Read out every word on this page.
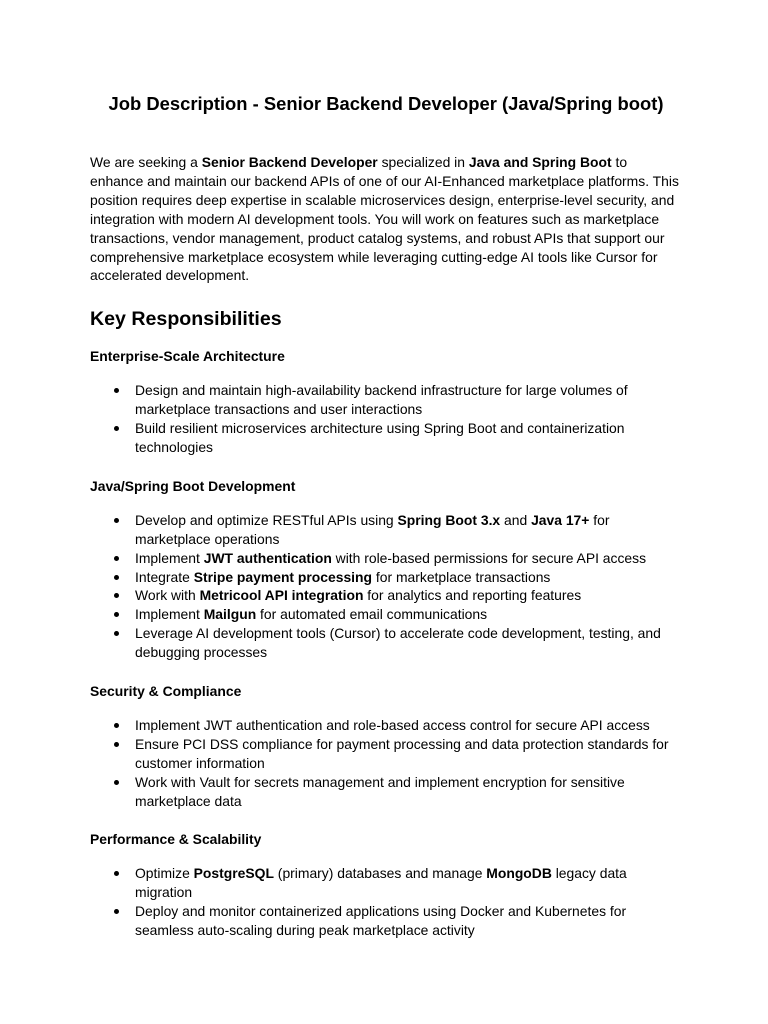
Job Description - Senior Backend Developer (Java/Spring boot)

We are seeking a Senior Backend Developer specialized in Java and Spring Boot to enhance and maintain our backend APIs of one of our AI-Enhanced marketplace platforms. This position requires deep expertise in scalable microservices design, enterprise-level security, and integration with modern AI development tools. You will work on features such as marketplace transactions, vendor management, product catalog systems, and robust APIs that support our comprehensive marketplace ecosystem while leveraging cutting-edge AI tools like Cursor for accelerated development.

Key Responsibilities
Enterprise-Scale Architecture
Design and maintain high-availability backend infrastructure for large volumes of marketplace transactions and user interactions
Build resilient microservices architecture using Spring Boot and containerization technologies
Java/Spring Boot Development
Develop and optimize RESTful APIs using Spring Boot 3.x and Java 17+ for marketplace operations
Implement JWT authentication with role-based permissions for secure API access
Integrate Stripe payment processing for marketplace transactions
Work with Metricool API integration for analytics and reporting features
Implement Mailgun for automated email communications
Leverage AI development tools (Cursor) to accelerate code development, testing, and debugging processes
Security & Compliance
Implement JWT authentication and role-based access control for secure API access
Ensure PCI DSS compliance for payment processing and data protection standards for customer information
Work with Vault for secrets management and implement encryption for sensitive marketplace data
Performance & Scalability
Optimize PostgreSQL (primary) databases and manage MongoDB legacy data migration
Deploy and monitor containerized applications using Docker and Kubernetes for seamless auto-scaling during peak marketplace activity
